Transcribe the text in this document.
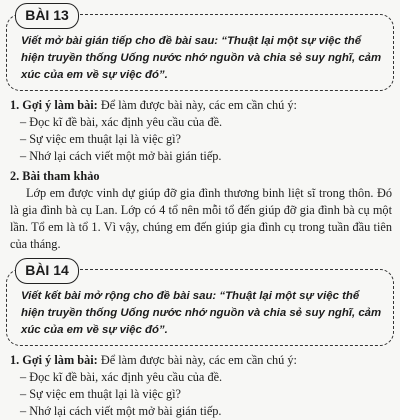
BÀI 13

Viết mở bài gián tiếp cho đề bài sau: “Thuật lại một sự việc thể hiện truyền thống Uống nước nhớ nguồn và chia sẻ suy nghĩ, cảm xúc của em về sự việc đó”.

1. Gợi ý làm bài: Để làm được bài này, các em cần chú ý:

– Đọc kĩ đề bài, xác định yêu cầu của đề.
– Sự việc em thuật lại là việc gì?
– Nhớ lại cách viết một mở bài gián tiếp.

2. Bài tham khảo

Lớp em được vinh dự giúp đỡ gia đình thương binh liệt sĩ trong thôn. Đó là gia đình bà cụ Lan. Lớp có 4 tổ nên mỗi tổ đến giúp đỡ gia đình bà cụ một lần. Tổ em là tổ 1. Vì vậy, chúng em đến giúp gia đình cụ trong tuần đầu tiên của tháng.

BÀI 14

Viết kết bài mở rộng cho đề bài sau: “Thuật lại một sự việc thể hiện truyền thống Uống nước nhớ nguồn và chia sẻ suy nghĩ, cảm xúc của em về sự việc đó”.

1. Gợi ý làm bài: Để làm được bài này, các em cần chú ý:

– Đọc kĩ đề bài, xác định yêu cầu của đề.
– Sự việc em thuật lại là việc gì?
– Nhớ lại cách viết một mở bài gián tiếp.
